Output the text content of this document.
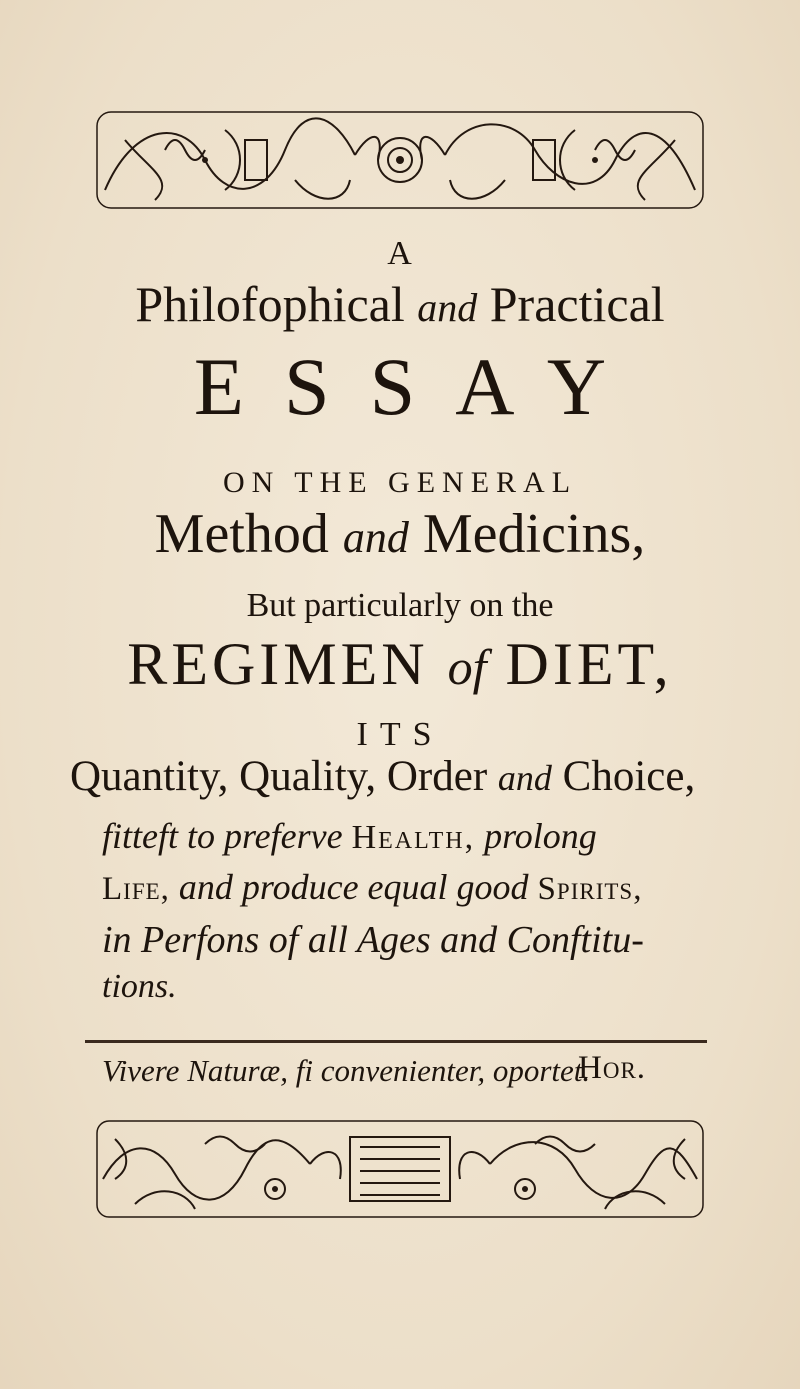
A
Philofophical and Practical
ESSAY
ON THE GENERAL
Method and Medicins,
But particularly on the
REGIMEN of DIET,
ITS
Quantity, Quality, Order and Choice,
fitteft to preferve Health, prolong
Life, and produce equal good Spirits,
in Perfons of all Ages and Conftitu-
tions.
Vivere Naturæ, fi convenienter, oportet.
Hor.
